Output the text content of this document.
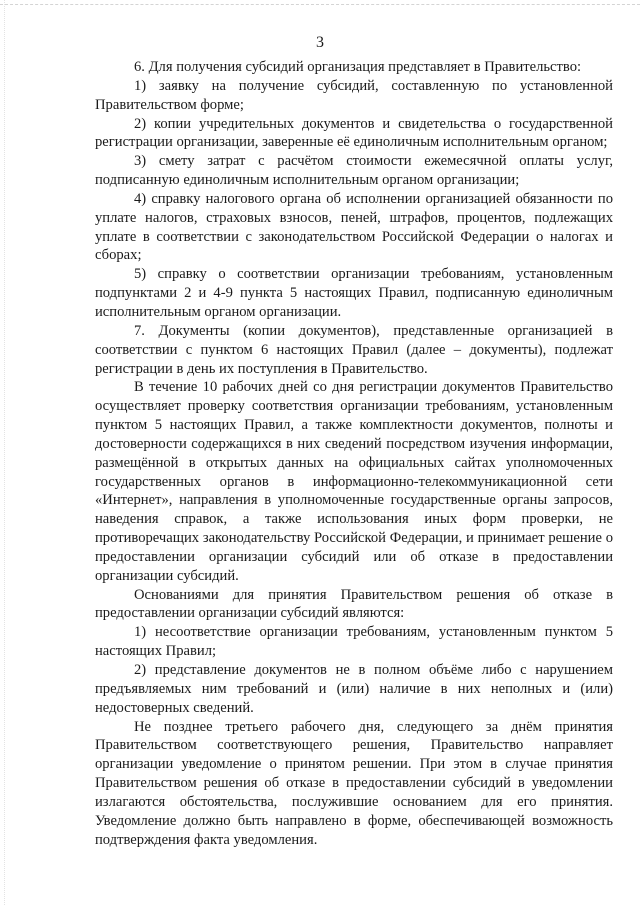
3

6. Для получения субсидий организация представляет в Правительство:

1) заявку на получение субсидий, составленную по установленной Правительством форме;

2) копии учредительных документов и свидетельства о государственной регистрации организации, заверенные её единоличным исполнительным органом;

3) смету затрат с расчётом стоимости ежемесячной оплаты услуг, подписанную единоличным исполнительным органом организации;

4) справку налогового органа об исполнении организацией обязанности по уплате налогов, страховых взносов, пеней, штрафов, процентов, подлежащих уплате в соответствии с законодательством Российской Федерации о налогах и сборах;

5) справку о соответствии организации требованиям, установленным подпунктами 2 и 4-9 пункта 5 настоящих Правил, подписанную единоличным исполнительным органом организации.

7. Документы (копии документов), представленные организацией в соответствии с пунктом 6 настоящих Правил (далее – документы), подлежат регистрации в день их поступления в Правительство.

В течение 10 рабочих дней со дня регистрации документов Правительство осуществляет проверку соответствия организации требованиям, установленным пунктом 5 настоящих Правил, а также комплектности документов, полноты и достоверности содержащихся в них сведений посредством изучения информации, размещённой в открытых данных на официальных сайтах уполномоченных государственных органов в информационно-телекоммуникационной сети «Интернет», направления в уполномоченные государственные органы запросов, наведения справок, а также использования иных форм проверки, не противоречащих законодательству Российской Федерации, и принимает решение о предоставлении организации субсидий или об отказе в предоставлении организации субсидий.

Основаниями для принятия Правительством решения об отказе в предоставлении организации субсидий являются:

1) несоответствие организации требованиям, установленным пунктом 5 настоящих Правил;

2) представление документов не в полном объёме либо с нарушением предъявляемых ним требований и (или) наличие в них неполных и (или) недостоверных сведений.

Не позднее третьего рабочего дня, следующего за днём принятия Правительством соответствующего решения, Правительство направляет организации уведомление о принятом решении. При этом в случае принятия Правительством решения об отказе в предоставлении субсидий в уведомлении излагаются обстоятельства, послужившие основанием для его принятия. Уведомление должно быть направлено в форме, обеспечивающей возможность подтверждения факта уведомления.
